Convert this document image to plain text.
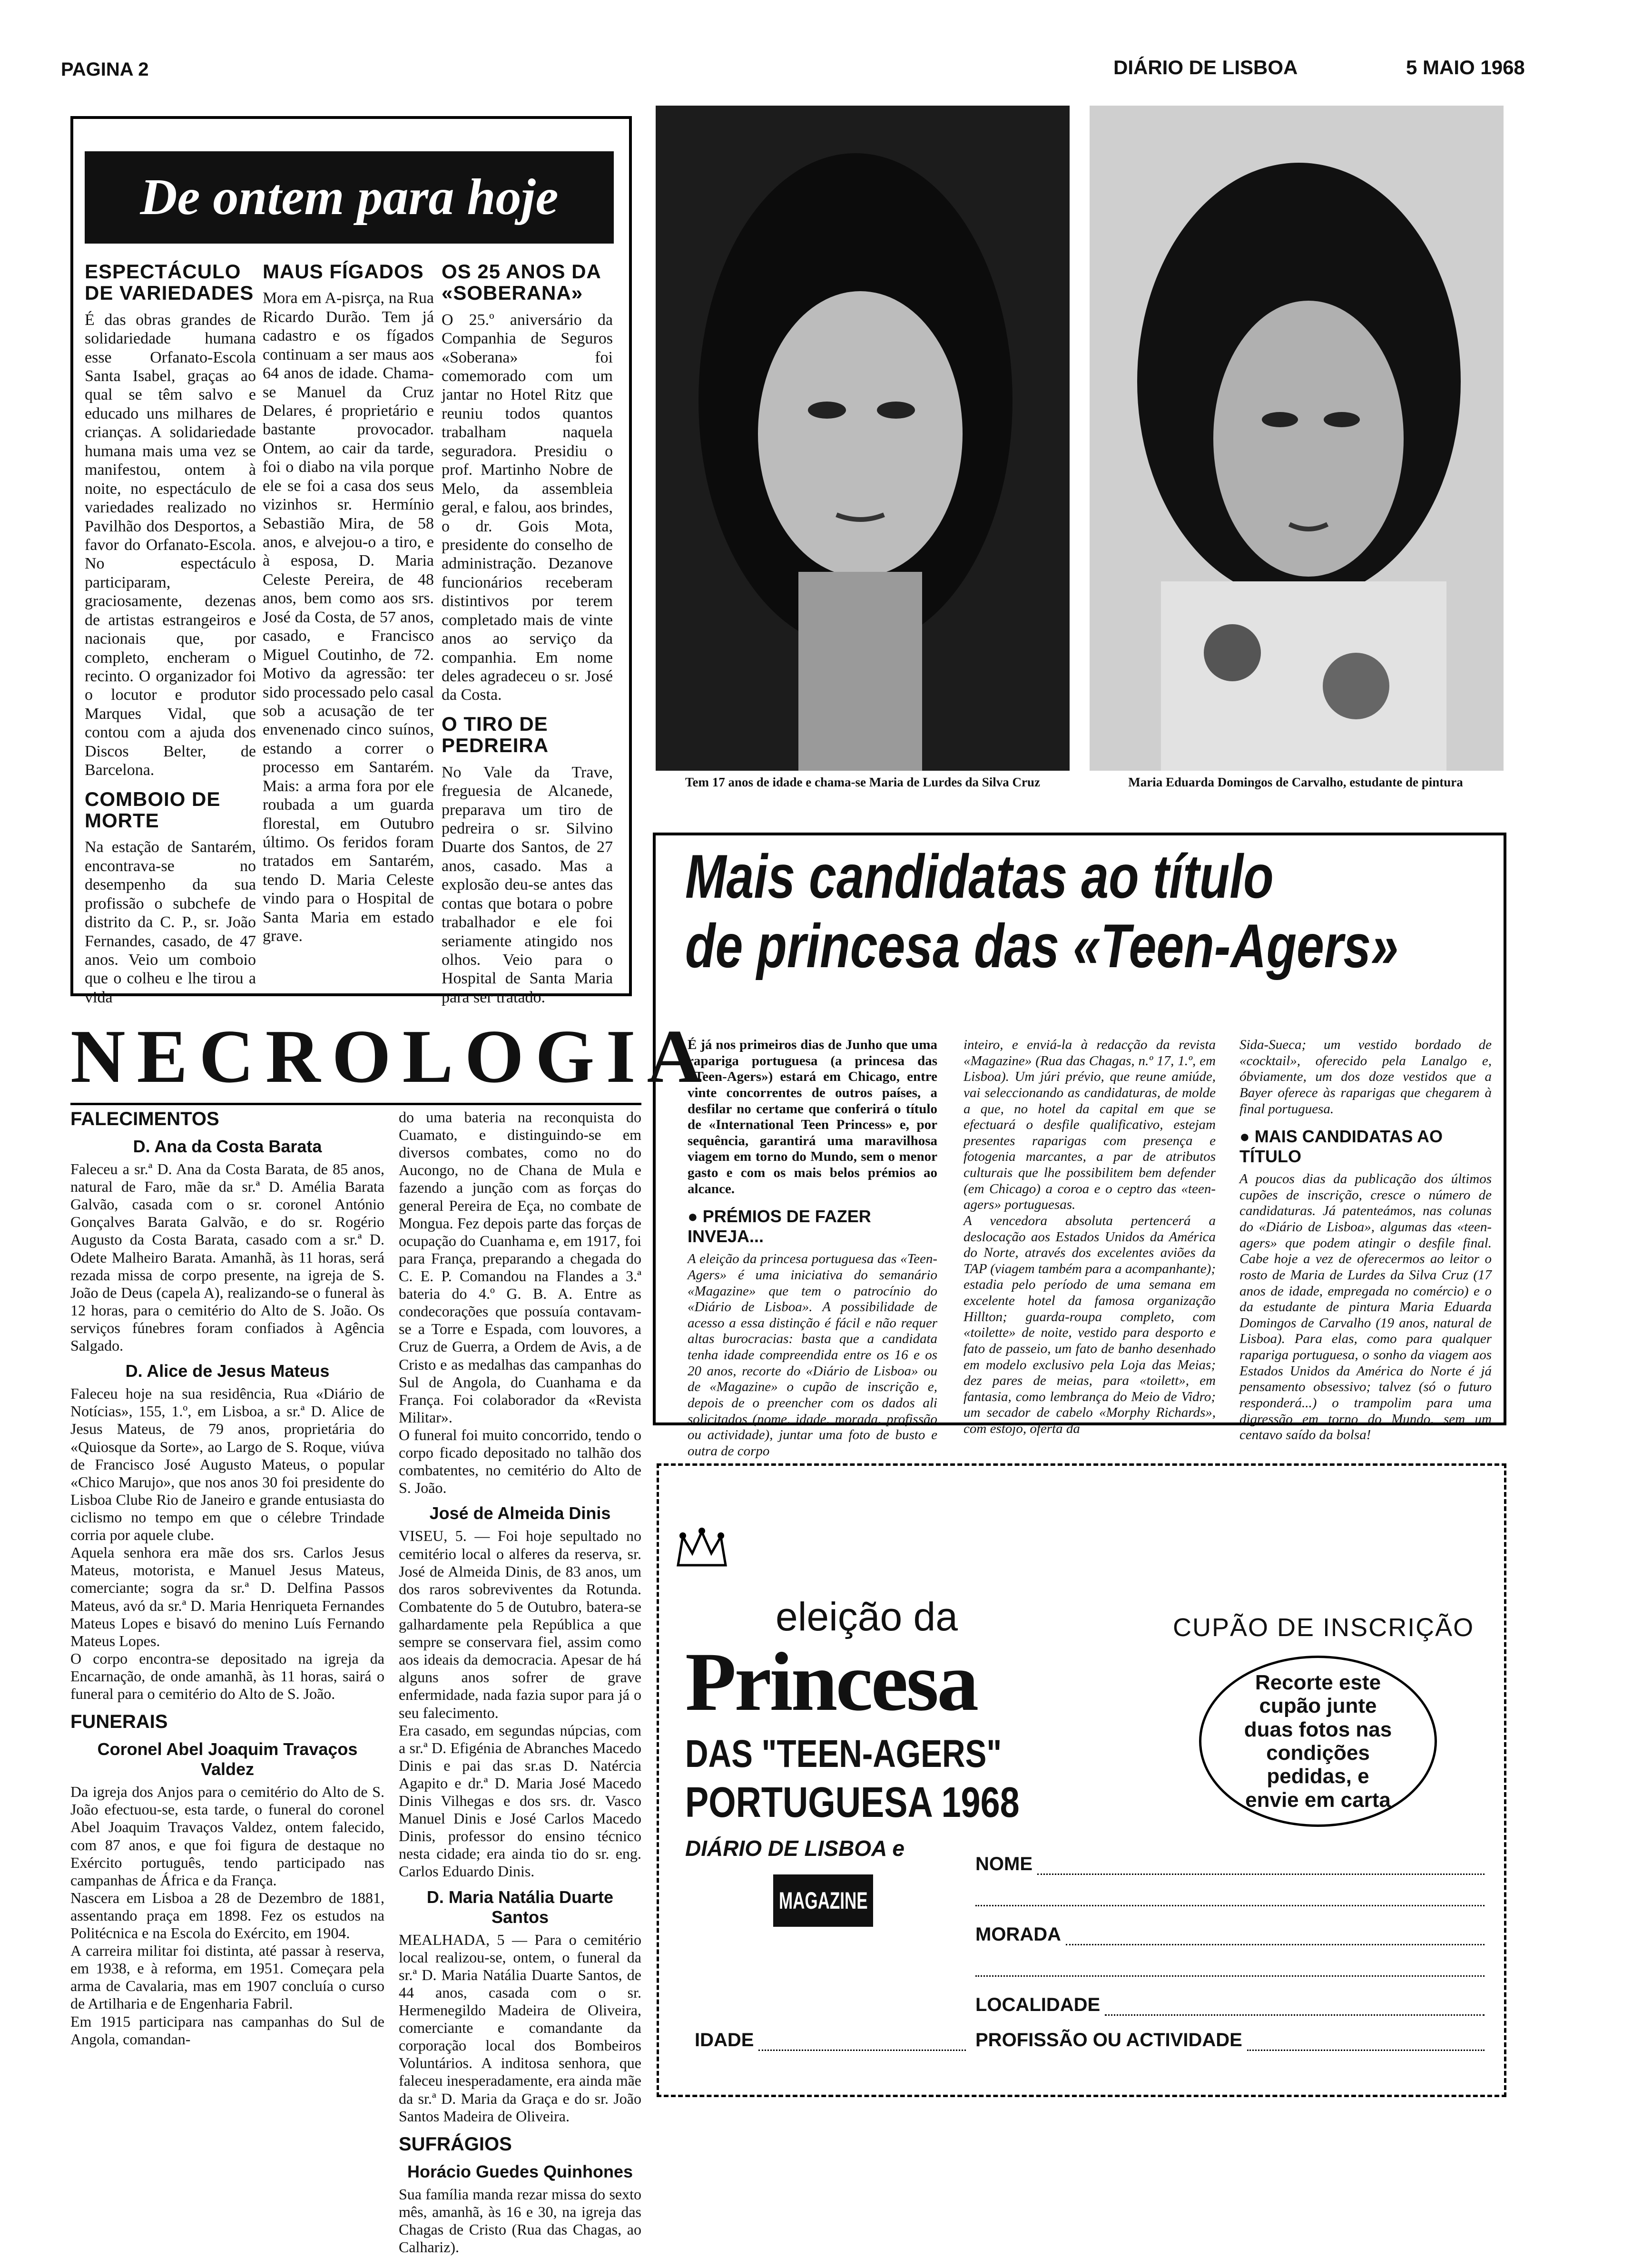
PAGINA 2	DIÁRIO DE LISBOA	5 MAIO 1968
De ontem para hoje
ESPECTÁCULO DE VARIEDADES

É das obras grandes de solidariedade humana esse Orfanato-Escola Santa Isabel, graças ao qual se têm salvo e educado uns milhares de crianças. A solidariedade humana mais uma vez se manifestou, ontem à noite, no espectáculo de variedades realizado no Pavilhão dos Desportos, a favor do Orfanato-Escola. No espectáculo participaram, graciosamente, dezenas de artistas estrangeiros e nacionais que, por completo, encheram o recinto. O organizador foi o locutor e produtor Marques Vidal, que contou com a ajuda dos Discos Belter, de Barcelona.

COMBOIO DE MORTE

Na estação de Santarém, encontrava-se no desempenho da sua profissão o subchefe de distrito da C. P., sr. João Fernandes, casado, de 47 anos. Veio um comboio que o colheu e lhe tirou a vida

MAUS FÍGADOS

Mora em A-pisrça, na Rua Ricardo Durão. Tem já cadastro e os fígados continuam a ser maus aos 64 anos de idade. Chama-se Manuel da Cruz Delares, é proprietário e bastante provocador. Ontem, ao cair da tarde, foi o diabo na vila porque ele se foi a casa dos seus vizinhos sr. Hermínio Sebastião Mira, de 58 anos, e alvejou-o a tiro, e à esposa, D. Maria Celeste Pereira, de 48 anos, bem como aos srs. José da Costa, de 57 anos, casado, e Francisco Miguel Coutinho, de 72. Motivo da agressão: ter sido processado pelo casal sob a acusação de ter envenenado cinco suínos, estando a correr o processo em Santarém. Mais: a arma fora por ele roubada a um guarda florestal, em Outubro último. Os feridos foram tratados em Santarém, tendo D. Maria Celeste vindo para o Hospital de Santa Maria em estado grave.

OS 25 ANOS DA «SOBERANA»

O 25.º aniversário da Companhia de Seguros «Soberana» foi comemorado com um jantar no Hotel Ritz que reuniu todos quantos trabalham naquela seguradora. Presidiu o prof. Martinho Nobre de Melo, da assembleia geral, e falou, aos brindes, o dr. Gois Mota, presidente do conselho de administração. Dezanove funcionários receberam distintivos por terem completado mais de vinte anos ao serviço da companhia. Em nome deles agradeceu o sr. José da Costa.

O TIRO DE PEDREIRA

No Vale da Trave, freguesia de Alcanede, preparava um tiro de pedreira o sr. Silvino Duarte dos Santos, de 27 anos, casado. Mas a explosão deu-se antes das contas que botara o pobre trabalhador e ele foi seriamente atingido nos olhos. Veio para o Hospital de Santa Maria para ser tratado.

Tem 17 anos de idade e chama-se Maria de Lurdes da Silva Cruz	Maria Eduarda Domingos de Carvalho, estudante de pintura
Mais candidatas ao título
de princesa das «Teen-Agers»

É já nos primeiros dias de Junho que uma rapariga portuguesa (a princesa das «Teen-Agers») estará em Chicago, entre vinte concorrentes de outros países, a desfilar no certame que conferirá o título de «International Teen Princess» e, por sequência, garantirá uma maravilhosa viagem em torno do Mundo, sem o menor gasto e com os mais belos prémios ao alcance.

● PRÉMIOS DE FAZER INVEJA...

A eleição da princesa portuguesa das «Teen-Agers» é uma iniciativa do semanário «Magazine» que tem o patrocínio do «Diário de Lisboa». A possibilidade de acesso a essa distinção é fácil e não requer altas burocracias: basta que a candidata tenha idade compreendida entre os 16 e os 20 anos, recorte do «Diário de Lisboa» ou de «Magazine» o cupão de inscrição e, depois de o preencher com os dados ali solicitados (nome, idade, morada, profissão ou actividade), juntar uma foto de busto e outra de corpo

inteiro, e enviá-la à redacção da revista «Magazine» (Rua das Chagas, n.º 17, 1.º, em Lisboa). Um júri prévio, que reune amiúde, vai seleccionando as candidaturas, de molde a que, no hotel da capital em que se efectuará o desfile qualificativo, estejam presentes raparigas com presença e fotogenia marcantes, a par de atributos culturais que lhe possibilitem bem defender (em Chicago) a coroa e o ceptro das «teen-agers» portuguesas.
A vencedora absoluta pertencerá a deslocação aos Estados Unidos da América do Norte, através dos excelentes aviões da TAP (viagem também para a acompanhante); estadia pelo período de uma semana em excelente hotel da famosa organização Hillton; guarda-roupa completo, com «toilette» de noite, vestido para desporto e fato de passeio, um fato de banho desenhado em modelo exclusivo pela Loja das Meias; dez pares de meias, para «toilett», em fantasia, como lembrança do Meio de Vidro; um secador de cabelo «Morphy Richards», com estojo, oferta da

Sida-Sueca; um vestido bordado de «cocktail», oferecido pela Lanalgo e, óbviamente, um dos doze vestidos que a Bayer oferece às raparigas que chegarem à final portuguesa.

● MAIS CANDIDATAS AO TÍTULO

A poucos dias da publicação dos últimos cupões de inscrição, cresce o número de candidaturas. Já patenteámos, nas colunas do «Diário de Lisboa», algumas das «teen-agers» que podem atingir o desfile final. Cabe hoje a vez de oferecermos ao leitor o rosto de Maria de Lurdes da Silva Cruz (17 anos de idade, empregada no comércio) e o da estudante de pintura Maria Eduarda Domingos de Carvalho (19 anos, natural de Lisboa). Para elas, como para qualquer rapariga portuguesa, o sonho da viagem aos Estados Unidos da América do Norte é já pensamento obsessivo; talvez (só o futuro responderá...) o trampolim para uma digressão em torno do Mundo, sem um centavo saído da bolsa!

NECROLOGIA
FALECIMENTOS
D. Ana da Costa Barata

Faleceu a sr.ª D. Ana da Costa Barata, de 85 anos, natural de Faro, mãe da sr.ª D. Amélia Barata Galvão, casada com o sr. coronel António Gonçalves Barata Galvão, e do sr. Rogério Augusto da Costa Barata, casado com a sr.ª D. Odete Malheiro Barata. Amanhã, às 11 horas, será rezada missa de corpo presente, na igreja de S. João de Deus (capela A), realizando-se o funeral às 12 horas, para o cemitério do Alto de S. João. Os serviços fúnebres foram confiados à Agência Salgado.

D. Alice de Jesus Mateus

Faleceu hoje na sua residência, Rua «Diário de Notícias», 155, 1.º, em Lisboa, a sr.ª D. Alice de Jesus Mateus, de 79 anos, proprietária do «Quiosque da Sorte», ao Largo de S. Roque, viúva de Francisco José Augusto Mateus, o popular «Chico Marujo», que nos anos 30 foi presidente do Lisboa Clube Rio de Janeiro e grande entusiasta do ciclismo no tempo em que o célebre Trindade corria por aquele clube.
Aquela senhora era mãe dos srs. Carlos Jesus Mateus, motorista, e Manuel Jesus Mateus, comerciante; sogra da sr.ª D. Delfina Passos Mateus, avó da sr.ª D. Maria Henriqueta Fernandes Mateus Lopes e bisavó do menino Luís Fernando Mateus Lopes.
O corpo encontra-se depositado na igreja da Encarnação, de onde amanhã, às 11 horas, sairá o funeral para o cemitério do Alto de S. João.

FUNERAIS
Coronel Abel Joaquim Travaços Valdez

Da igreja dos Anjos para o cemitério do Alto de S. João efectuou-se, esta tarde, o funeral do coronel Abel Joaquim Travaços Valdez, ontem falecido, com 87 anos, e que foi figura de destaque no Exército português, tendo participado nas campanhas de África e da França.
Nascera em Lisboa a 28 de Dezembro de 1881, assentando praça em 1898. Fez os estudos na Politécnica e na Escola do Exército, em 1904.
A carreira militar foi distinta, até passar à reserva, em 1938, e à reforma, em 1951. Começara pela arma de Cavalaria, mas em 1907 concluía o curso de Artilharia e de Engenharia Fabril.
Em 1915 participara nas campanhas do Sul de Angola, comandan-

do uma bateria na reconquista do Cuamato, e distinguindo-se em diversos combates, como no do Aucongo, no de Chana de Mula e fazendo a junção com as forças do general Pereira de Eça, no combate de Mongua. Fez depois parte das forças de ocupação do Cuanhama e, em 1917, foi para França, preparando a chegada do C. E. P. Comandou na Flandes a 3.ª bateria do 4.º G. B. A. Entre as condecorações que possuía contavam-se a Torre e Espada, com louvores, a Cruz de Guerra, a Ordem de Avis, a de Cristo e as medalhas das campanhas do Sul de Angola, do Cuanhama e da França. Foi colaborador da «Revista Militar».
O funeral foi muito concorrido, tendo o corpo ficado depositado no talhão dos combatentes, no cemitério do Alto de S. João.

José de Almeida Dinis

VISEU, 5. — Foi hoje sepultado no cemitério local o alferes da reserva, sr. José de Almeida Dinis, de 83 anos, um dos raros sobreviventes da Rotunda. Combatente do 5 de Outubro, batera-se galhardamente pela República a que sempre se conservara fiel, assim como aos ideais da democracia. Apesar de há alguns anos sofrer de grave enfermidade, nada fazia supor para já o seu falecimento.
Era casado, em segundas núpcias, com a sr.ª D. Efigénia de Abranches Macedo Dinis e pai das sr.as D. Natércia Agapito e dr.ª D. Maria José Macedo Dinis Vilhegas e dos srs. dr. Vasco Manuel Dinis e José Carlos Macedo Dinis, professor do ensino técnico nesta cidade; era ainda tio do sr. eng. Carlos Eduardo Dinis.

D. Maria Natália Duarte Santos

MEALHADA, 5 — Para o cemitério local realizou-se, ontem, o funeral da sr.ª D. Maria Natália Duarte Santos, de 44 anos, casada com o sr. Hermenegildo Madeira de Oliveira, comerciante e comandante da corporação local dos Bombeiros Voluntários. A inditosa senhora, que faleceu inesperadamente, era ainda mãe da sr.ª D. Maria da Graça e do sr. João Santos Madeira de Oliveira.

SUFRÁGIOS
Horácio Guedes Quinhones

Sua família manda rezar missa do sexto mês, amanhã, às 16 e 30, na igreja das Chagas de Cristo (Rua das Chagas, ao Calhariz).

eleição da
Princesa
DAS "TEEN-AGERS"
PORTUGUESA 1968
DIÁRIO DE LISBOA e
MAGAZINE
CUPÃO DE INSCRIÇÃO
Recorte este cupão junte duas fotos nas condições pedidas, e envie em carta
NOME
MORADA
LOCALIDADE
IDADE	PROFISSÃO OU ACTIVIDADE
